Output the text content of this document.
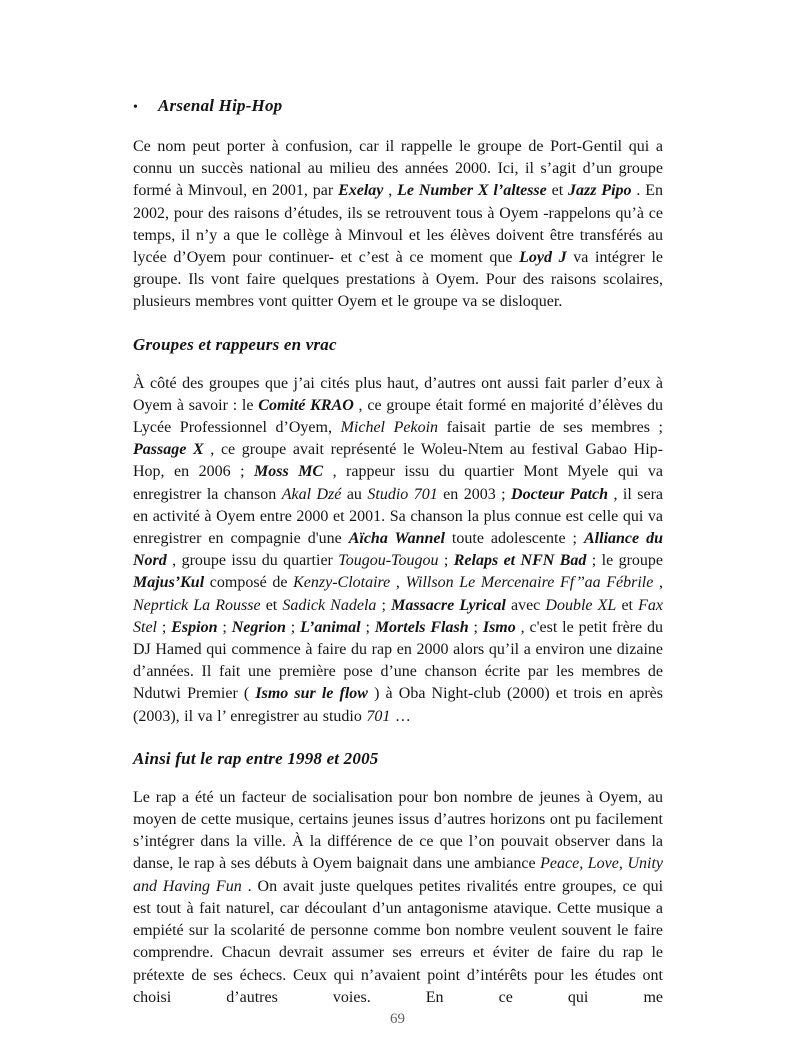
•	Arsenal Hip-Hop

Ce nom peut porter à confusion, car il rappelle le groupe de Port-Gentil qui a connu un succès national au milieu des années 2000. Ici, il s’agit d’un groupe formé à Minvoul, en 2001, par Exelay , Le Number X l’altesse et Jazz Pipo . En 2002, pour des raisons d’études, ils se retrouvent tous à Oyem -rappelons qu’à ce temps, il n’y a que le collège à Minvoul et les élèves doivent être transférés au lycée d’Oyem pour continuer- et c’est à ce moment que Loyd J va intégrer le groupe. Ils vont faire quelques prestations à Oyem. Pour des raisons scolaires, plusieurs membres vont quitter Oyem et le groupe va se disloquer.

Groupes et rappeurs en vrac

À côté des groupes que j’ai cités plus haut, d’autres ont aussi fait parler d’eux à Oyem à savoir : le Comité KRAO , ce groupe était formé en majorité d’élèves du Lycée Professionnel d’Oyem, Michel Pekoin faisait partie de ses membres ; Passage X , ce groupe avait représenté le Woleu-Ntem au festival Gabao Hip-Hop, en 2006 ; Moss MC , rappeur issu du quartier Mont Myele qui va enregistrer la chanson Akal Dzé au Studio 701 en 2003 ; Docteur Patch , il sera en activité à Oyem entre 2000 et 2001. Sa chanson la plus connue est celle qui va enregistrer en compagnie d'une Aïcha Wannel toute adolescente ; Alliance du Nord , groupe issu du quartier Tougou-Tougou ; Relaps et NFN Bad ; le groupe Majus’Kul composé de Kenzy-Clotaire , Willson Le Mercenaire Ff’’aa Fébrile , Neprtick La Rousse et Sadick Nadela ; Massacre Lyrical avec Double XL et Fax Stel ; Espion ; Negrion ; L’animal ; Mortels Flash ; Ismo , c'est le petit frère du DJ Hamed qui commence à faire du rap en 2000 alors qu’il a environ une dizaine d’années. Il fait une première pose d’une chanson écrite par les membres de Ndutwi Premier ( Ismo sur le flow ) à Oba Night-club (2000) et trois en après (2003), il va l’ enregistrer au studio 701 …

Ainsi fut le rap entre 1998 et 2005

Le rap a été un facteur de socialisation pour bon nombre de jeunes à Oyem, au moyen de cette musique, certains jeunes issus d’autres horizons ont pu facilement s’intégrer dans la ville. À la différence de ce que l’on pouvait observer dans la danse, le rap à ses débuts à Oyem baignait dans une ambiance Peace, Love, Unity and Having Fun . On avait juste quelques petites rivalités entre groupes, ce qui est tout à fait naturel, car découlant d’un antagonisme atavique. Cette musique a empiété sur la scolarité de personne comme bon nombre veulent souvent le faire comprendre. Chacun devrait assumer ses erreurs et éviter de faire du rap le prétexte de ses échecs. Ceux qui n’avaient point d’intérêts pour les études ont choisi d’autres voies. En ce qui me

69
